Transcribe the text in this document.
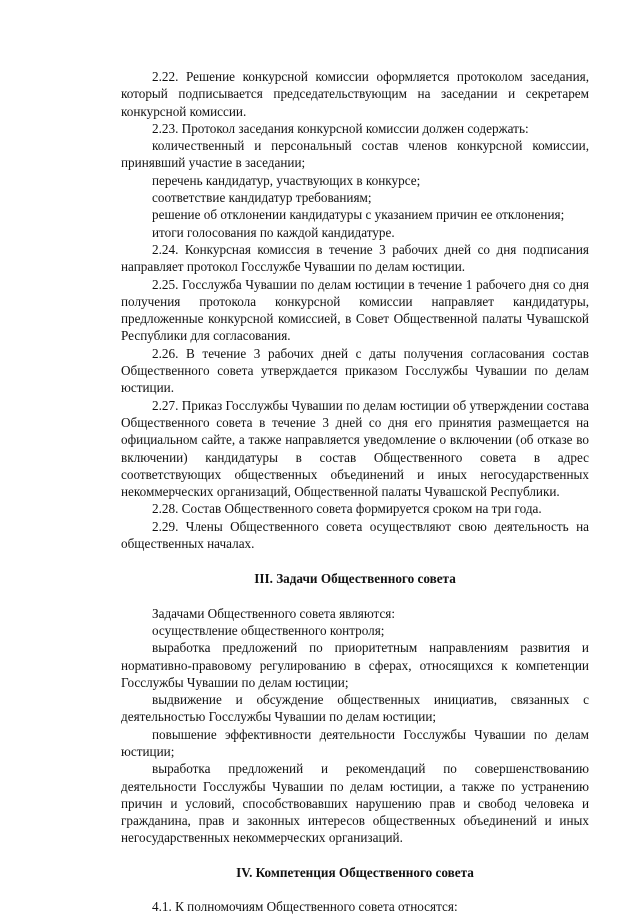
2.22. Решение конкурсной комиссии оформляется протоколом заседания, который подписывается председательствующим на заседании и секретарем конкурсной комиссии.

2.23. Протокол заседания конкурсной комиссии должен содержать:

количественный и персональный состав членов конкурсной комиссии, принявший участие в заседании;

перечень кандидатур, участвующих в конкурсе;

соответствие кандидатур требованиям;

решение об отклонении кандидатуры с указанием причин ее отклонения;

итоги голосования по каждой кандидатуре.

2.24. Конкурсная комиссия в течение 3 рабочих дней со дня подписания направляет протокол Госслужбе Чувашии по делам юстиции.

2.25. Госслужба Чувашии по делам юстиции в течение 1 рабочего дня со дня получения протокола конкурсной комиссии направляет кандидатуры, предложенные конкурсной комиссией, в Совет Общественной палаты Чувашской Республики для согласования.

2.26. В течение 3 рабочих дней с даты получения согласования состав Общественного совета утверждается приказом Госслужбы Чувашии по делам юстиции.

2.27. Приказ Госслужбы Чувашии по делам юстиции об утверждении состава Общественного совета в течение 3 дней со дня его принятия размещается на официальном сайте, а также направляется уведомление о включении (об отказе во включении) кандидатуры в состав Общественного совета в адрес соответствующих общественных объединений и иных негосударственных некоммерческих организаций, Общественной палаты Чувашской Республики.

2.28. Состав Общественного совета формируется сроком на три года.

2.29. Члены Общественного совета осуществляют свою деятельность на общественных началах.

III. Задачи Общественного совета

Задачами Общественного совета являются:

осуществление общественного контроля;

выработка предложений по приоритетным направлениям развития и нормативно-правовому регулированию в сферах, относящихся к компетенции Госслужбы Чувашии по делам юстиции;

выдвижение и обсуждение общественных инициатив, связанных с деятельностью Госслужбы Чувашии по делам юстиции;

повышение эффективности деятельности Госслужбы Чувашии по делам юстиции;

выработка предложений и рекомендаций по совершенствованию деятельности Госслужбы Чувашии по делам юстиции, а также по устранению причин и условий, способствовавших нарушению прав и свобод человека и гражданина, прав и законных интересов общественных объединений и иных негосударственных некоммерческих организаций.

IV. Компетенция Общественного совета

4.1. К полномочиям Общественного совета относятся:
